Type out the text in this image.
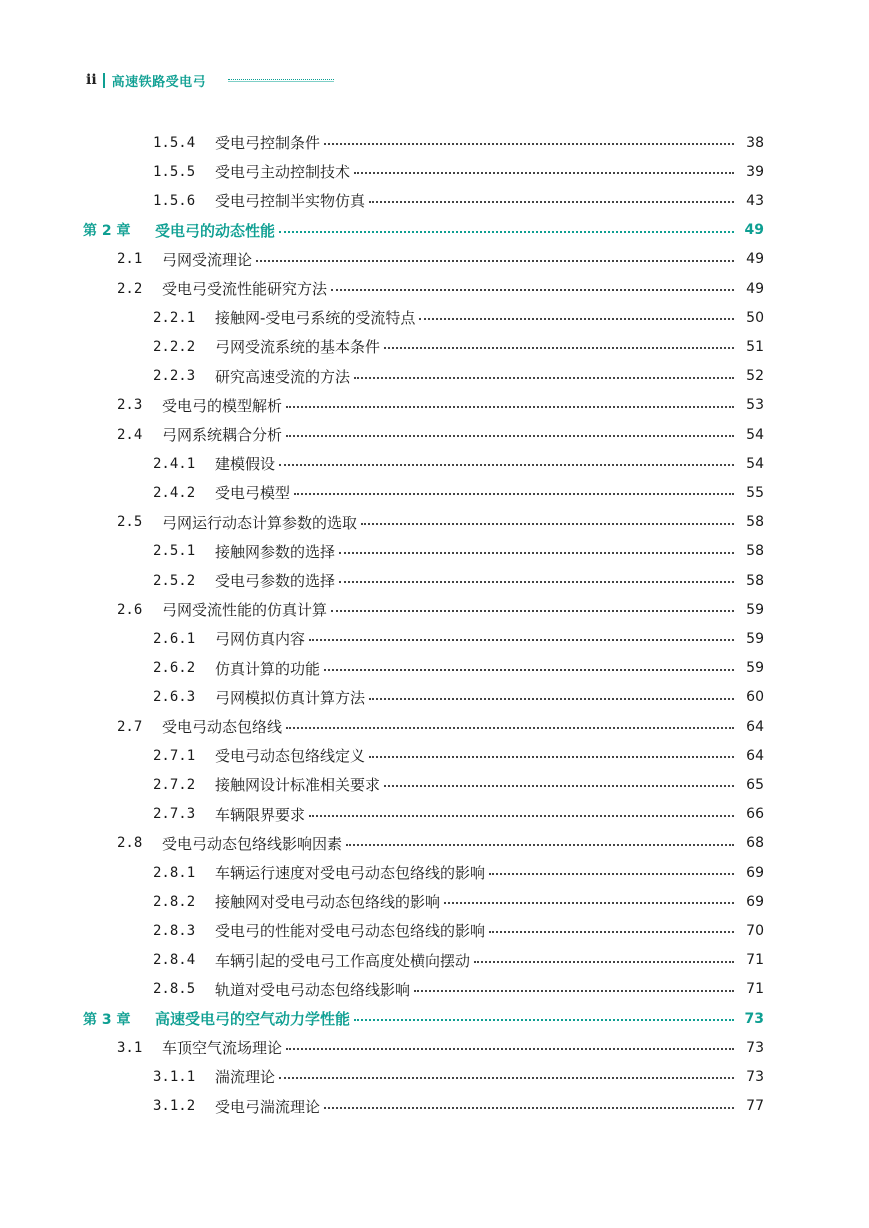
ii 高速铁路受电弓
1.5.4 受电弓控制条件	38
1.5.5 受电弓主动控制技术	39
1.5.6 受电弓控制半实物仿真	43
第 2 章 受电弓的动态性能	49
2.1 弓网受流理论	49
2.2 受电弓受流性能研究方法	49
2.2.1 接触网-受电弓系统的受流特点	50
2.2.2 弓网受流系统的基本条件	51
2.2.3 研究高速受流的方法	52
2.3 受电弓的模型解析	53
2.4 弓网系统耦合分析	54
2.4.1 建模假设	54
2.4.2 受电弓模型	55
2.5 弓网运行动态计算参数的选取	58
2.5.1 接触网参数的选择	58
2.5.2 受电弓参数的选择	58
2.6 弓网受流性能的仿真计算	59
2.6.1 弓网仿真内容	59
2.6.2 仿真计算的功能	59
2.6.3 弓网模拟仿真计算方法	60
2.7 受电弓动态包络线	64
2.7.1 受电弓动态包络线定义	64
2.7.2 接触网设计标准相关要求	65
2.7.3 车辆限界要求	66
2.8 受电弓动态包络线影响因素	68
2.8.1 车辆运行速度对受电弓动态包络线的影响	69
2.8.2 接触网对受电弓动态包络线的影响	69
2.8.3 受电弓的性能对受电弓动态包络线的影响	70
2.8.4 车辆引起的受电弓工作高度处横向摆动	71
2.8.5 轨道对受电弓动态包络线影响	71
第 3 章 高速受电弓的空气动力学性能	73
3.1 车顶空气流场理论	73
3.1.1 湍流理论	73
3.1.2 受电弓湍流理论	77
